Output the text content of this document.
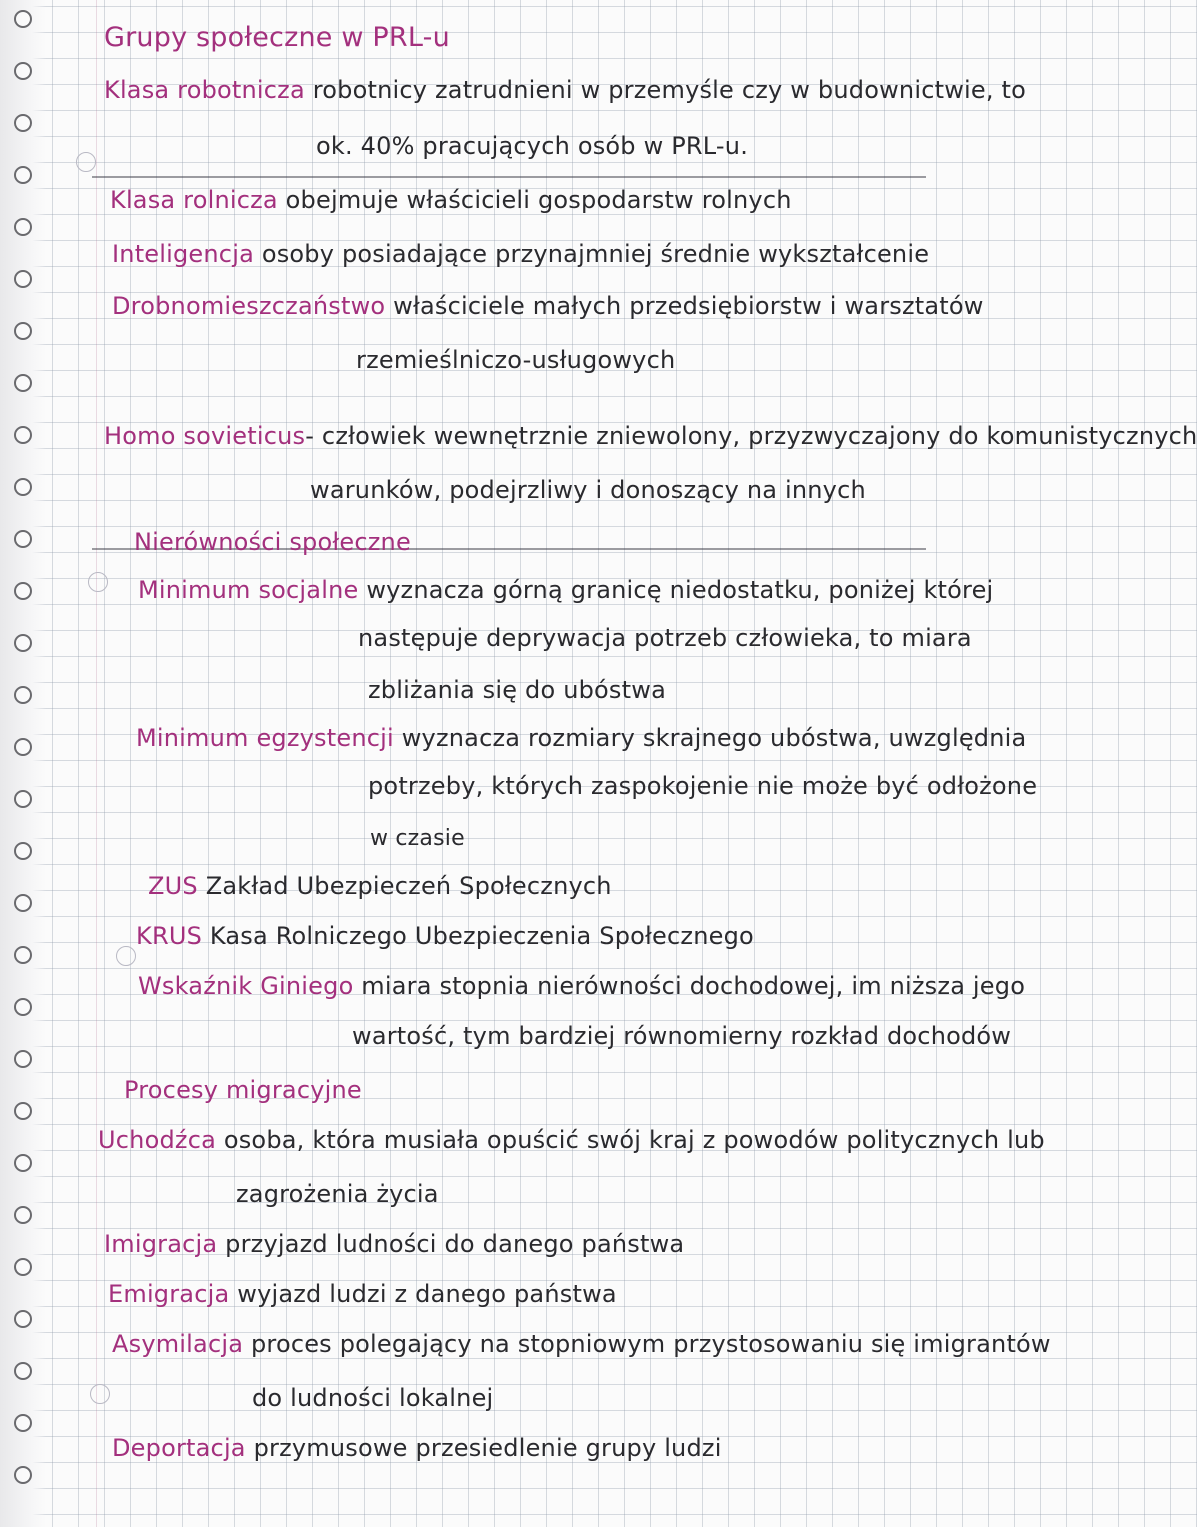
Grupy społeczne w PRL-u
Klasa robotnicza robotnicy zatrudnieni w przemyśle czy w budownictwie, to
ok. 40% pracujących osób w PRL-u.
Klasa rolnicza obejmuje właścicieli gospodarstw rolnych
Inteligencja osoby posiadające przynajmniej średnie wykształcenie
Drobnomieszczaństwo właściciele małych przedsiębiorstw i warsztatów
rzemieślniczo-usługowych
Homo sovieticus- człowiek wewnętrznie zniewolony, przyzwyczajony do komunistycznych
warunków, podejrzliwy i donoszący na innych
Nierówności społeczne
Minimum socjalne wyznacza górną granicę niedostatku, poniżej której
następuje deprywacja potrzeb człowieka, to miara
zbliżania się do ubóstwa
Minimum egzystencji wyznacza rozmiary skrajnego ubóstwa, uwzględnia
potrzeby, których zaspokojenie nie może być odłożone
w czasie
ZUS Zakład Ubezpieczeń Społecznych
KRUS Kasa Rolniczego Ubezpieczenia Społecznego
Wskaźnik Giniego miara stopnia nierówności dochodowej, im niższa jego
wartość, tym bardziej równomierny rozkład dochodów
Procesy migracyjne
Uchodźca osoba, która musiała opuścić swój kraj z powodów politycznych lub
zagrożenia życia
Imigracja przyjazd ludności do danego państwa
Emigracja wyjazd ludzi z danego państwa
Asymilacja proces polegający na stopniowym przystosowaniu się imigrantów
do ludności lokalnej
Deportacja przymusowe przesiedlenie grupy ludzi
